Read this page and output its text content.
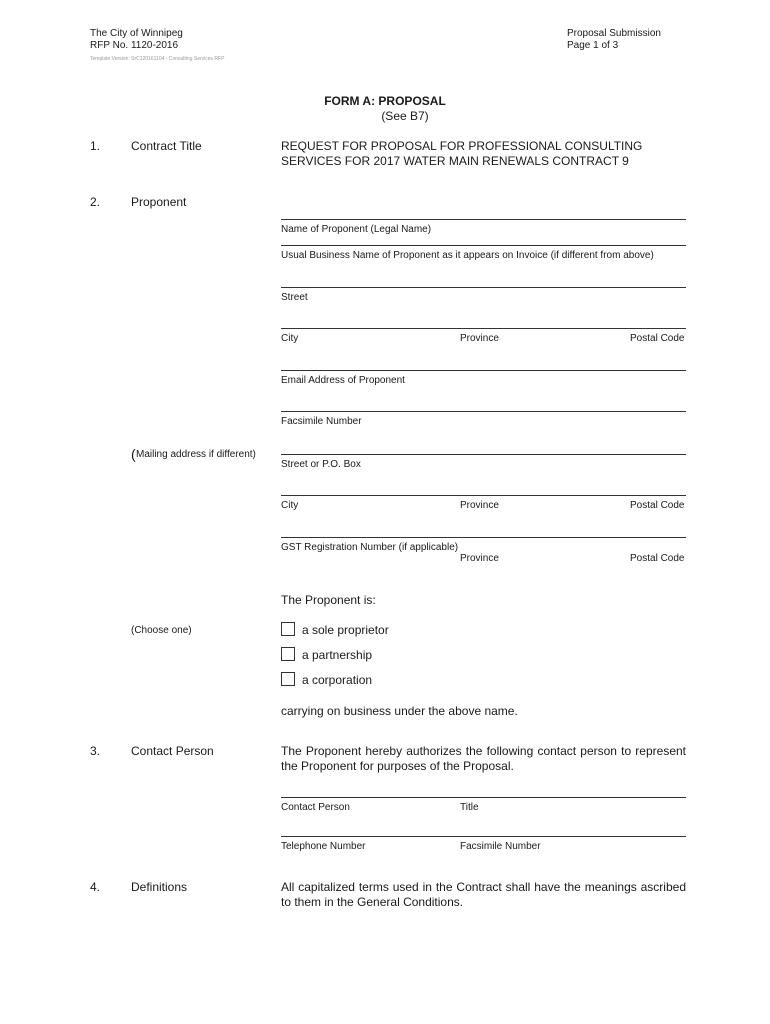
The City of Winnipeg
RFP No. 1120-2016
Template Version: SrC120161104 - Consulting Services RFP
Proposal Submission
Page 1 of 3
FORM A: PROPOSAL
(See B7)
1.	Contract Title	REQUEST FOR PROPOSAL FOR PROFESSIONAL CONSULTING
SERVICES FOR 2017 WATER MAIN RENEWALS CONTRACT 9
2.	Proponent
Name of Proponent (Legal Name)
Usual Business Name of Proponent as it appears on Invoice (if different from above)
Street
City	Province	Postal Code
Email Address of Proponent
Facsimile Number
( Mailing address if different)
Street or P.O. Box
City	Province	Postal Code
GST Registration Number (if applicable)
Province	Postal Code
The Proponent is:
(Choose one)	a sole proprietor
a partnership
a corporation
carrying on business under the above name.
3.	Contact Person	The Proponent hereby authorizes the following contact person to represent the Proponent for purposes of the Proposal.
Contact Person	Title
Telephone Number	Facsimile Number
4.	Definitions	All capitalized terms used in the Contract shall have the meanings ascribed to them in the General Conditions.
